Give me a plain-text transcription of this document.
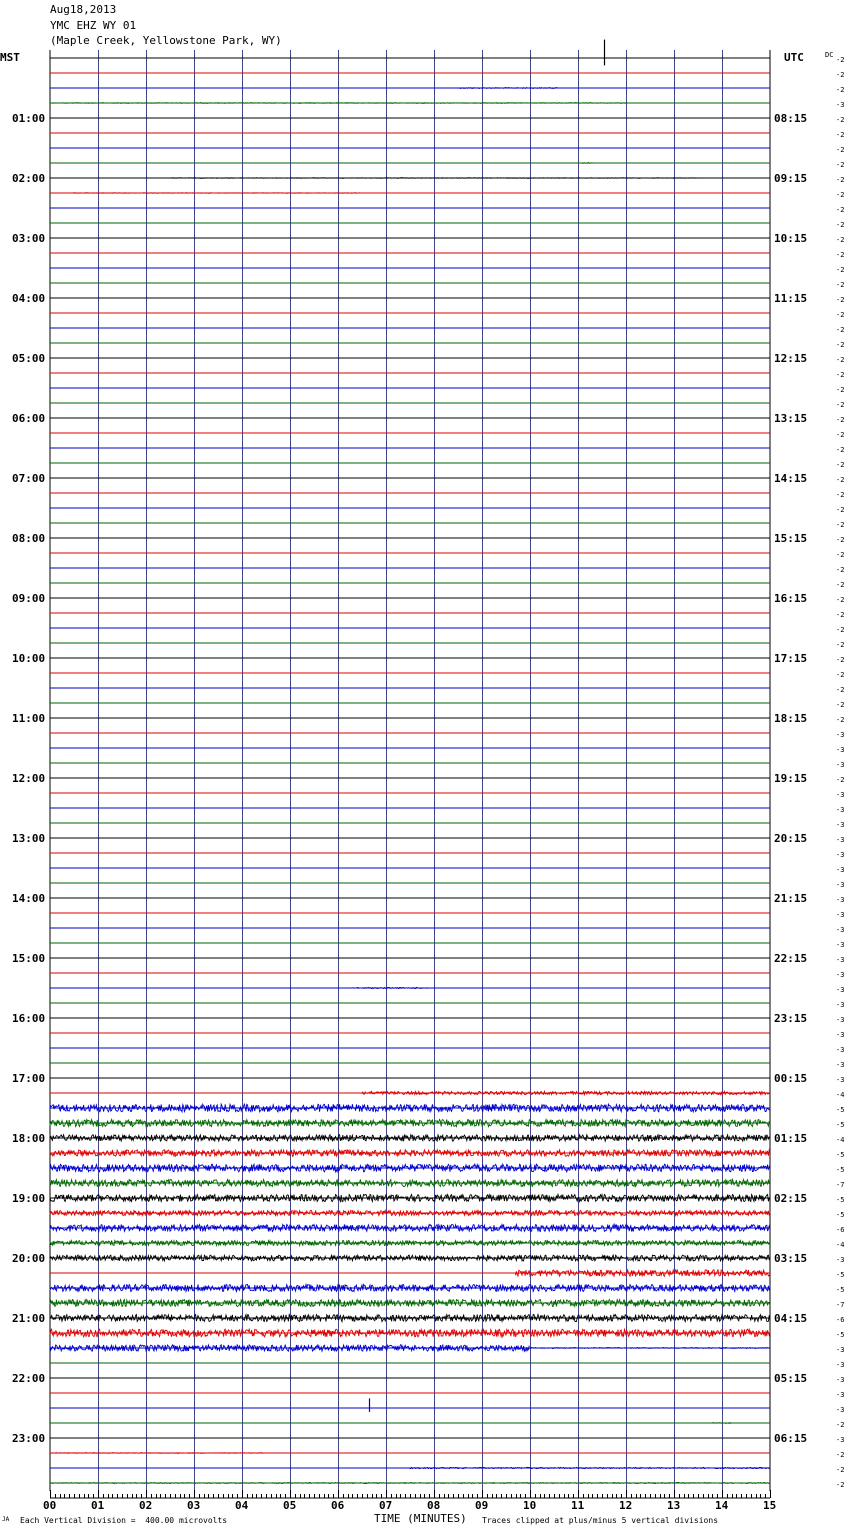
Aug18,2013
YMC EHZ WY 01
(Maple Creek, Yellowstone Park, WY)
00	01	02	03	04	05	06	07	08	09	10	11	12	13	14	15
01:00
02:00
03:00
04:00
05:00
06:00
07:00
08:00
09:00
10:00
11:00
12:00
13:00
14:00
15:00
16:00
17:00
18:00
19:00
20:00
21:00
22:00
23:00
08:15
09:15
10:15
11:15
12:15
13:15
14:15
15:15
16:15
17:15
18:15
19:15
20:15
21:15
22:15
23:15
00:15
01:15
02:15
03:15
04:15
05:15
06:15
-2
-2
-2
-3
-2
-2
-2
-2
-2
-2
-2
-2
-2
-2
-2
-2
-2
-2
-2
-2
-2
-2
-2
-2
-2
-2
-2
-2
-2
-2
-2
-2
-2
-2
-2
-2
-2
-2
-2
-2
-2
-2
-2
-2
-2
-3
-3
-3
-2
-3
-3
-3
-3
-3
-3
-3
-3
-3
-3
-3
-3
-3
-3
-3
-3
-3
-3
-3
-3
-4
-5
-5
-4
-5
-5
-7
-5
-5
-6
-4
-3
-5
-5
-7
-6
-5
-3
-3
-3
-3
-3
-2
-3
-2
-2
-2
MST	UTC	DC
TIME (MINUTES)
JA Each Vertical Division =  400.00 microvolts	Traces clipped at plus/minus 5 vertical divisions
